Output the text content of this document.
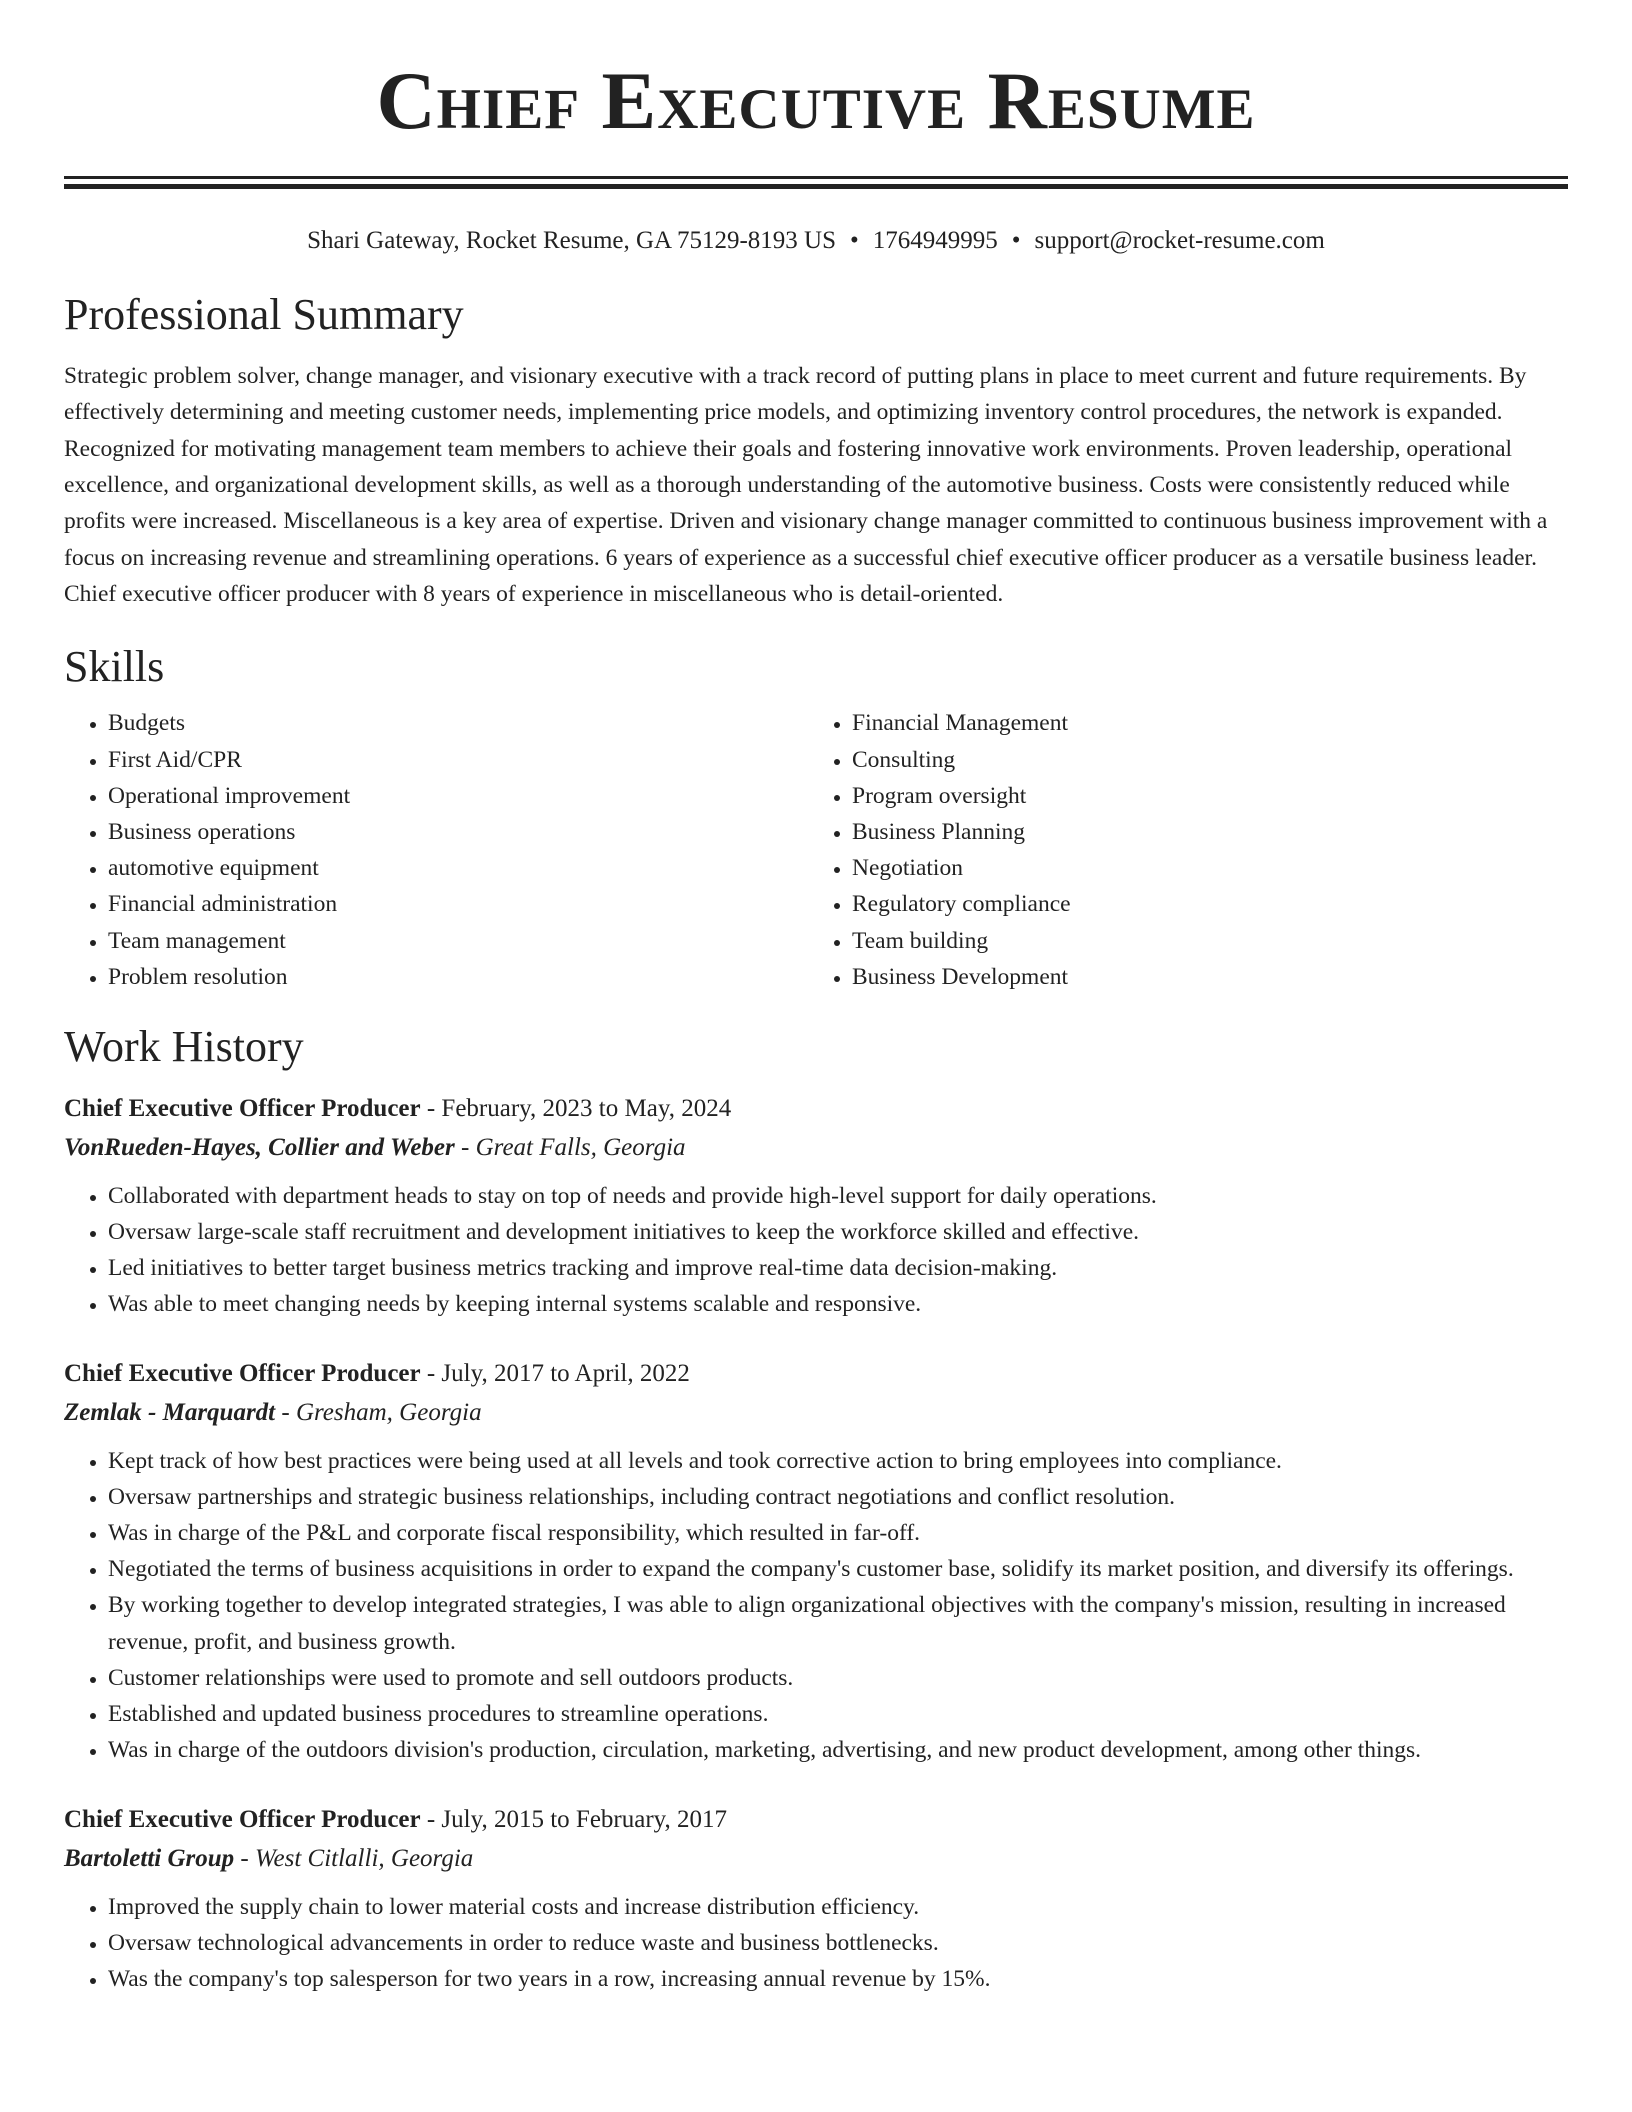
Chief Executive Resume
Shari Gateway, Rocket Resume, GA 75129-8193 US • 1764949995 • support@rocket-resume.com
Professional Summary
Strategic problem solver, change manager, and visionary executive with a track record of putting plans in place to meet current and future requirements. By effectively determining and meeting customer needs, implementing price models, and optimizing inventory control procedures, the network is expanded. Recognized for motivating management team members to achieve their goals and fostering innovative work environments. Proven leadership, operational excellence, and organizational development skills, as well as a thorough understanding of the automotive business. Costs were consistently reduced while profits were increased. Miscellaneous is a key area of expertise. Driven and visionary change manager committed to continuous business improvement with a focus on increasing revenue and streamlining operations. 6 years of experience as a successful chief executive officer producer as a versatile business leader. Chief executive officer producer with 8 years of experience in miscellaneous who is detail-oriented.
Skills
• Budgets
• First Aid/CPR
• Operational improvement
• Business operations
• automotive equipment
• Financial administration
• Team management
• Problem resolution
• Financial Management
• Consulting
• Program oversight
• Business Planning
• Negotiation
• Regulatory compliance
• Team building
• Business Development
Work History
Chief Executive Officer Producer - February, 2023 to May, 2024
VonRueden-Hayes, Collier and Weber - Great Falls, Georgia
• Collaborated with department heads to stay on top of needs and provide high-level support for daily operations.
• Oversaw large-scale staff recruitment and development initiatives to keep the workforce skilled and effective.
• Led initiatives to better target business metrics tracking and improve real-time data decision-making.
• Was able to meet changing needs by keeping internal systems scalable and responsive.
Chief Executive Officer Producer - July, 2017 to April, 2022
Zemlak - Marquardt - Gresham, Georgia
• Kept track of how best practices were being used at all levels and took corrective action to bring employees into compliance.
• Oversaw partnerships and strategic business relationships, including contract negotiations and conflict resolution.
• Was in charge of the P&L and corporate fiscal responsibility, which resulted in far-off.
• Negotiated the terms of business acquisitions in order to expand the company's customer base, solidify its market position, and diversify its offerings.
• By working together to develop integrated strategies, I was able to align organizational objectives with the company's mission, resulting in increased revenue, profit, and business growth.
• Customer relationships were used to promote and sell outdoors products.
• Established and updated business procedures to streamline operations.
• Was in charge of the outdoors division's production, circulation, marketing, advertising, and new product development, among other things.
Chief Executive Officer Producer - July, 2015 to February, 2017
Bartoletti Group - West Citlalli, Georgia
• Improved the supply chain to lower material costs and increase distribution efficiency.
• Oversaw technological advancements in order to reduce waste and business bottlenecks.
• Was the company's top salesperson for two years in a row, increasing annual revenue by 15%.
